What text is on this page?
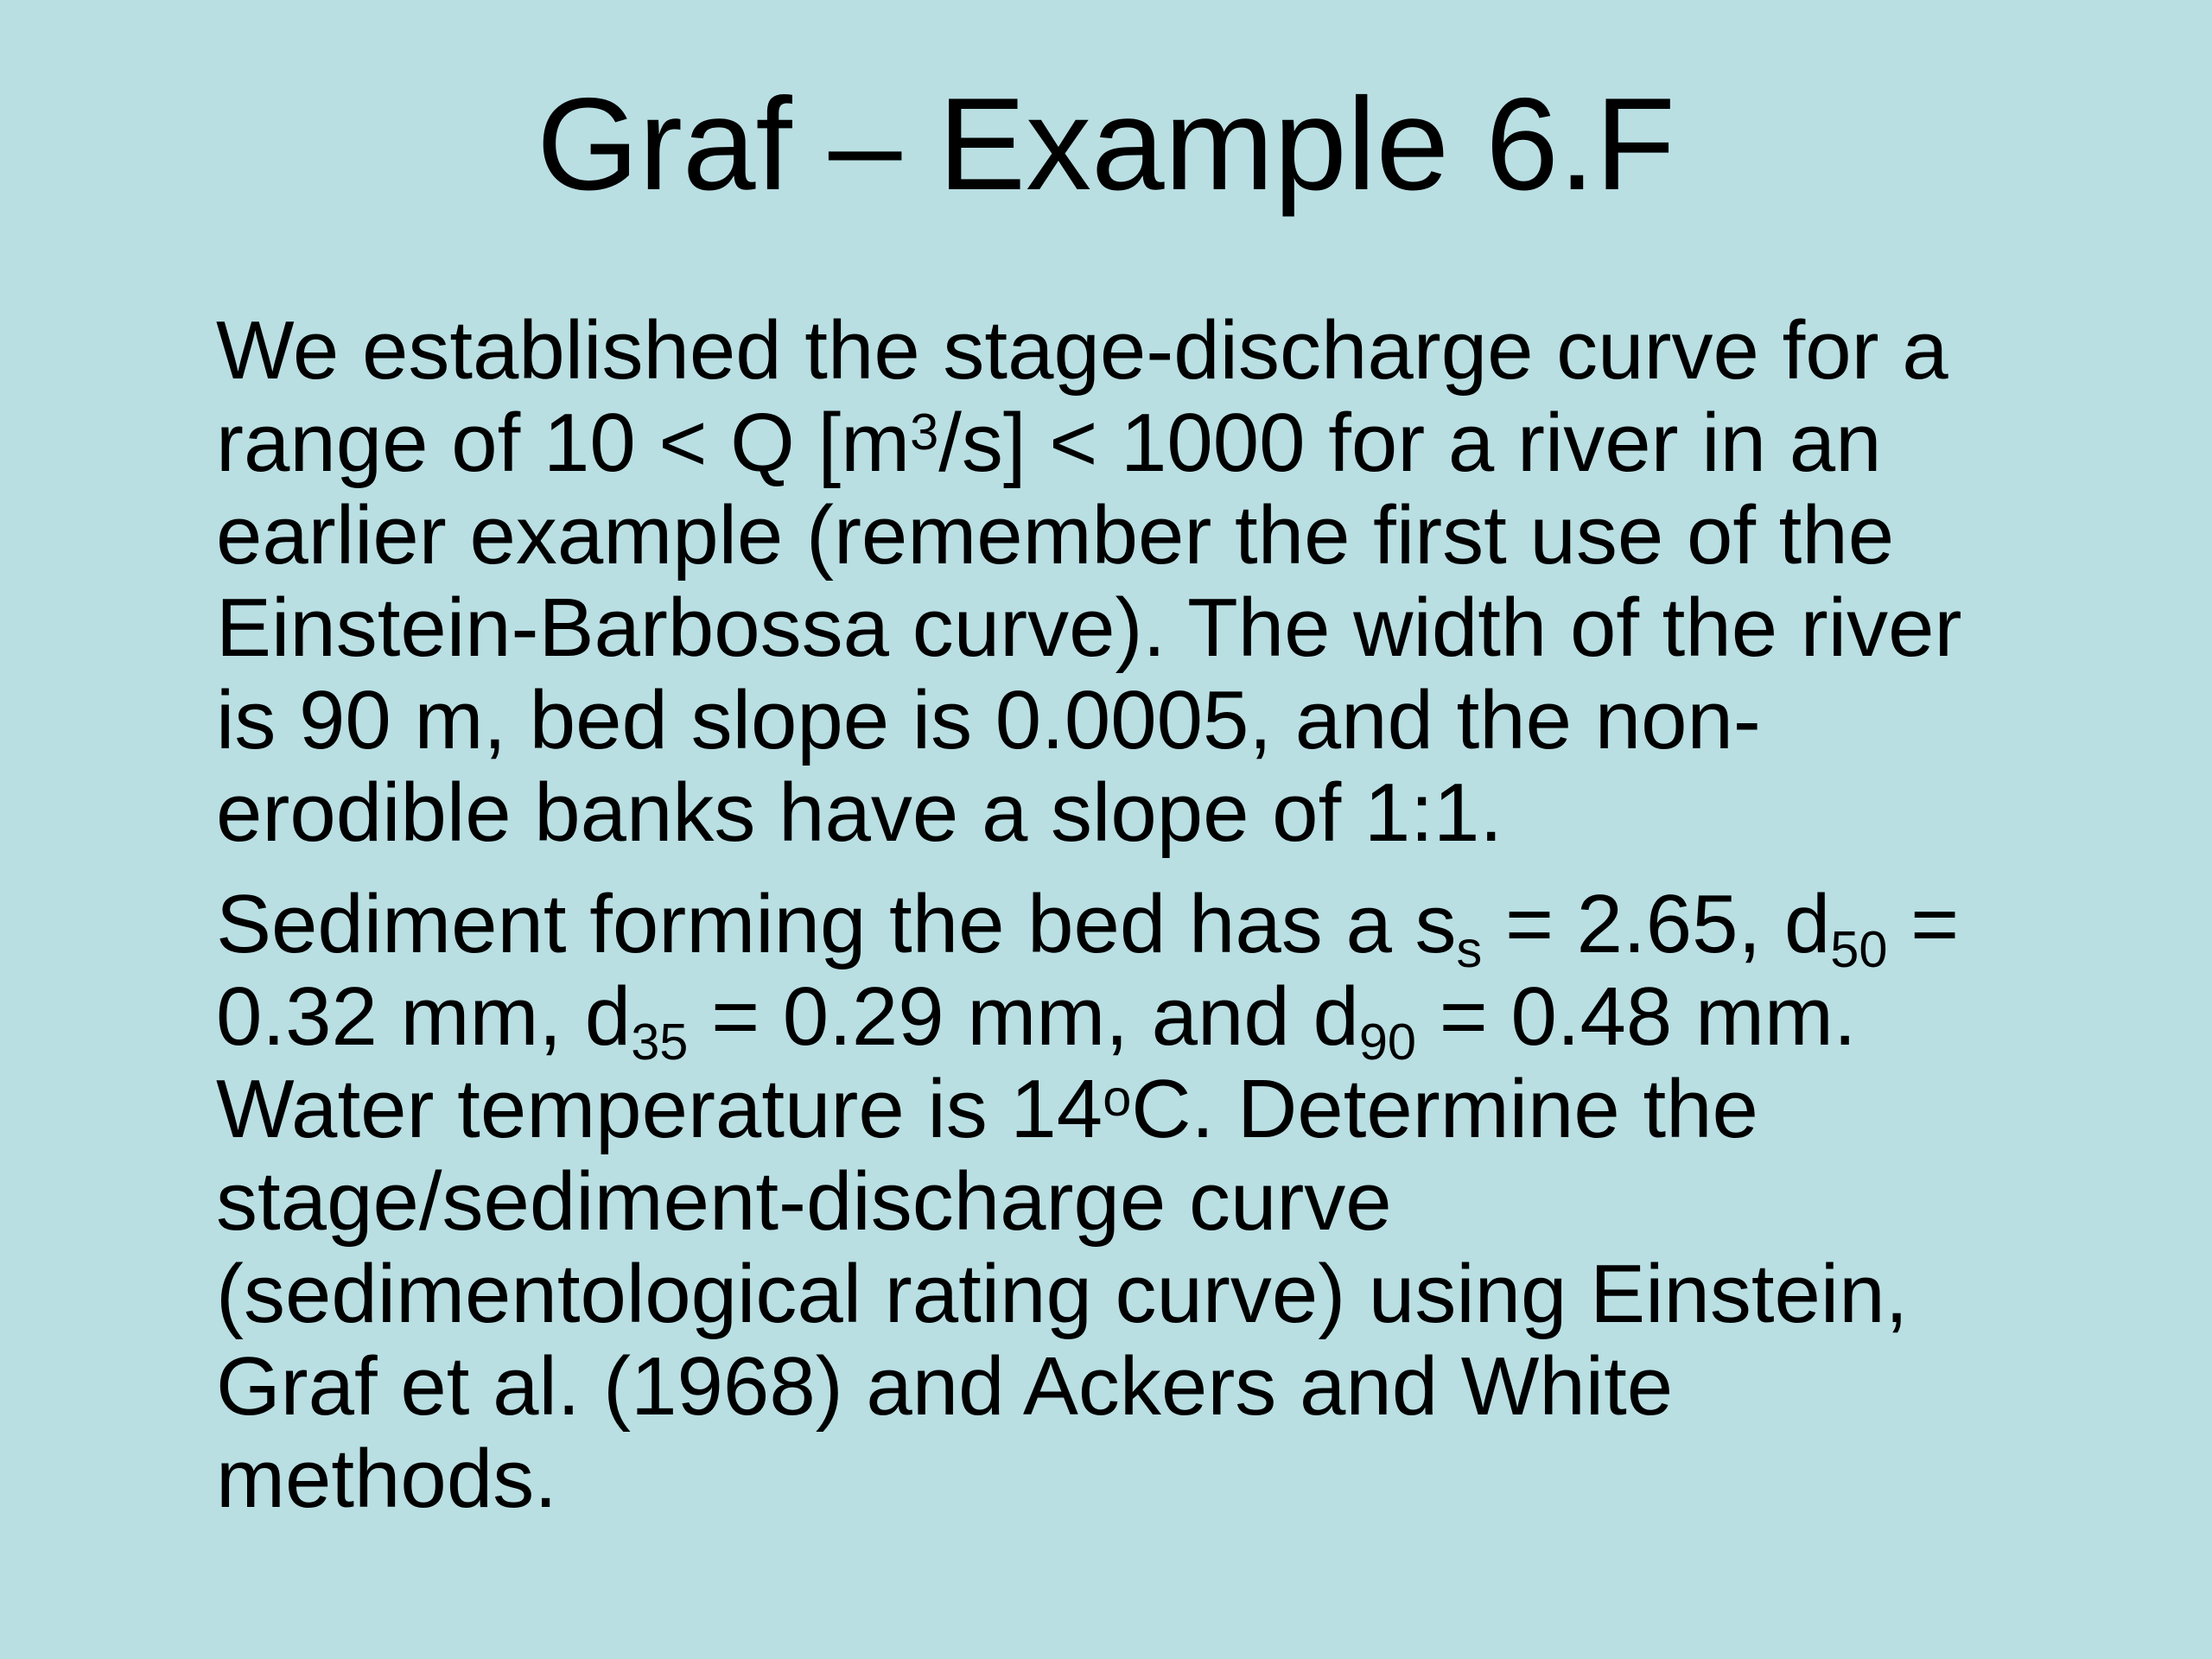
Graf – Example 6.F

We established the stage-discharge curve for a
range of 10 < Q $[m^3/s] < 1000$ for a river in an
earlier example (remember the first use of the
Einstein-Barbossa curve). The width of the river
is 90 m, bed slope is 0.0005, and the non-
erodible banks have a slope of 1:1.

Sediment forming the bed has a $s_s = 2.65$, $d_{50}$ =
0.32 mm, $d_{35} = 0.29$ mm, and $d_{90} = 0.48$ mm.
Water temperature is 14$^o$C. Determine the
stage/sediment-discharge curve
(sedimentological rating curve) using Einstein,
Graf et al. (1968) and Ackers and White
methods.
